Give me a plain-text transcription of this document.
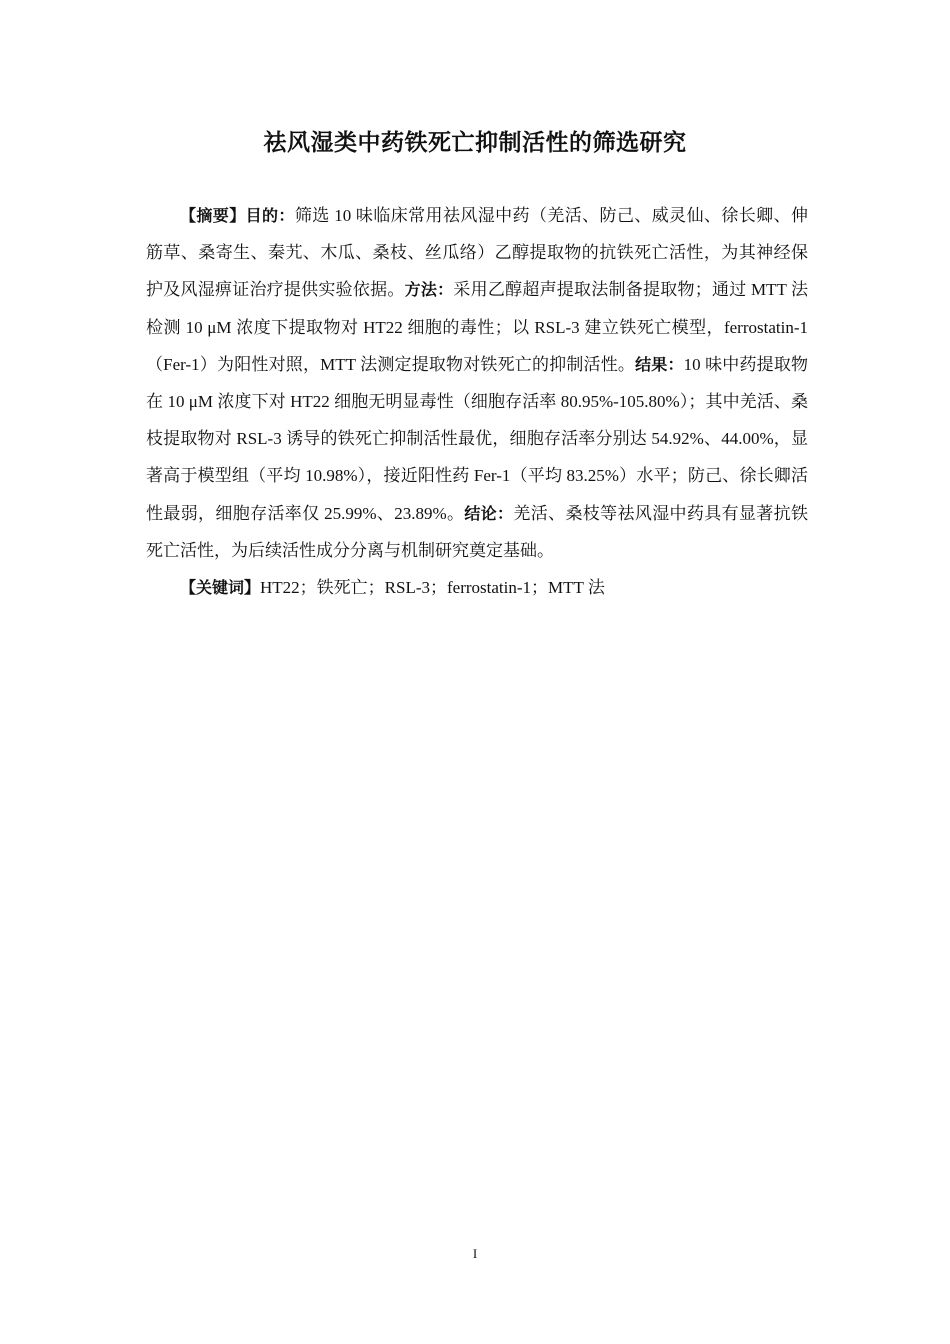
祛风湿类中药铁死亡抑制活性的筛选研究

【摘要】目的：筛选 10 味临床常用祛风湿中药（羌活、防己、威灵仙、徐长卿、伸筋草、桑寄生、秦艽、木瓜、桑枝、丝瓜络）乙醇提取物的抗铁死亡活性，为其神经保护及风湿痹证治疗提供实验依据。方法：采用乙醇超声提取法制备提取物；通过 MTT 法检测 10 μM 浓度下提取物对 HT22 细胞的毒性；以 RSL-3 建立铁死亡模型，ferrostatin-1（Fer-1）为阳性对照，MTT 法测定提取物对铁死亡的抑制活性。结果：10 味中药提取物在 10 μM 浓度下对 HT22 细胞无明显毒性（细胞存活率 80.95%-105.80%）；其中羌活、桑枝提取物对 RSL-3 诱导的铁死亡抑制活性最优，细胞存活率分别达 54.92%、44.00%，显著高于模型组（平均 10.98%），接近阳性药 Fer-1（平均 83.25%）水平；防己、徐长卿活性最弱，细胞存活率仅 25.99%、23.89%。结论：羌活、桑枝等祛风湿中药具有显著抗铁死亡活性，为后续活性成分分离与机制研究奠定基础。

【关键词】HT22；铁死亡；RSL-3；ferrostatin-1；MTT 法

I
